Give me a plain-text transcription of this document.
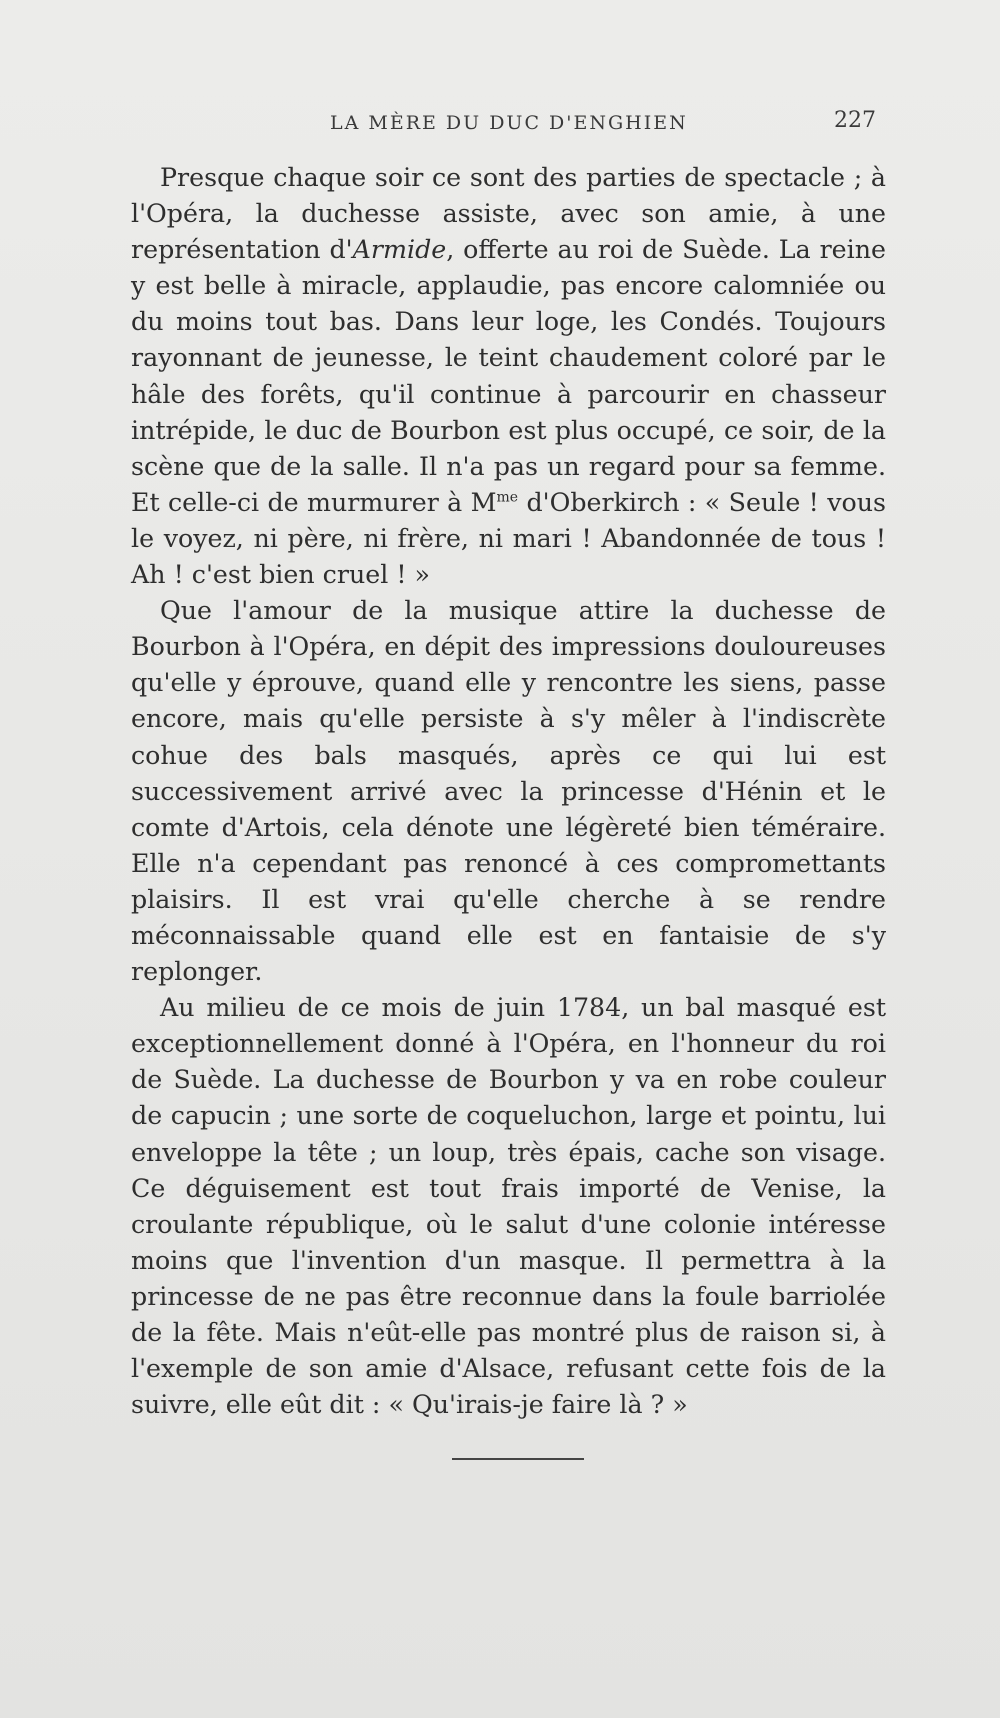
LA MÈRE DU DUC D'ENGHIEN	227

Presque chaque soir ce sont des parties de spectacle ; à l'Opéra, la duchesse assiste, avec son amie, à une représentation d'Armide, offerte au roi de Suède. La reine y est belle à miracle, applaudie, pas encore calomniée ou du moins tout bas. Dans leur loge, les Condés. Toujours rayonnant de jeunesse, le teint chaudement coloré par le hâle des forêts, qu'il continue à parcourir en chasseur intrépide, le duc de Bourbon est plus occupé, ce soir, de la scène que de la salle. Il n'a pas un regard pour sa femme. Et celle-ci de murmurer à $M^{me}$ d'Oberkirch : « Seule ! vous le voyez, ni père, ni frère, ni mari ! Abandonnée de tous ! Ah ! c'est bien cruel ! »

Que l'amour de la musique attire la duchesse de Bourbon à l'Opéra, en dépit des impressions douloureuses qu'elle y éprouve, quand elle y rencontre les siens, passe encore, mais qu'elle persiste à s'y mêler à l'indiscrète cohue des bals masqués, après ce qui lui est successivement arrivé avec la princesse d'Hénin et le comte d'Artois, cela dénote une légèreté bien téméraire. Elle n'a cependant pas renoncé à ces compromettants plaisirs. Il est vrai qu'elle cherche à se rendre méconnaissable quand elle est en fantaisie de s'y replonger.

Au milieu de ce mois de juin 1784, un bal masqué est exceptionnellement donné à l'Opéra, en l'honneur du roi de Suède. La duchesse de Bourbon y va en robe couleur de capucin ; une sorte de coqueluchon, large et pointu, lui enveloppe la tête ; un loup, très épais, cache son visage. Ce déguisement est tout frais importé de Venise, la croulante république, où le salut d'une colonie intéresse moins que l'invention d'un masque. Il permettra à la princesse de ne pas être reconnue dans la foule barriolée de la fête. Mais n'eût-elle pas montré plus de raison si, à l'exemple de son amie d'Alsace, refusant cette fois de la suivre, elle eût dit : « Qu'irais-je faire là ? »
